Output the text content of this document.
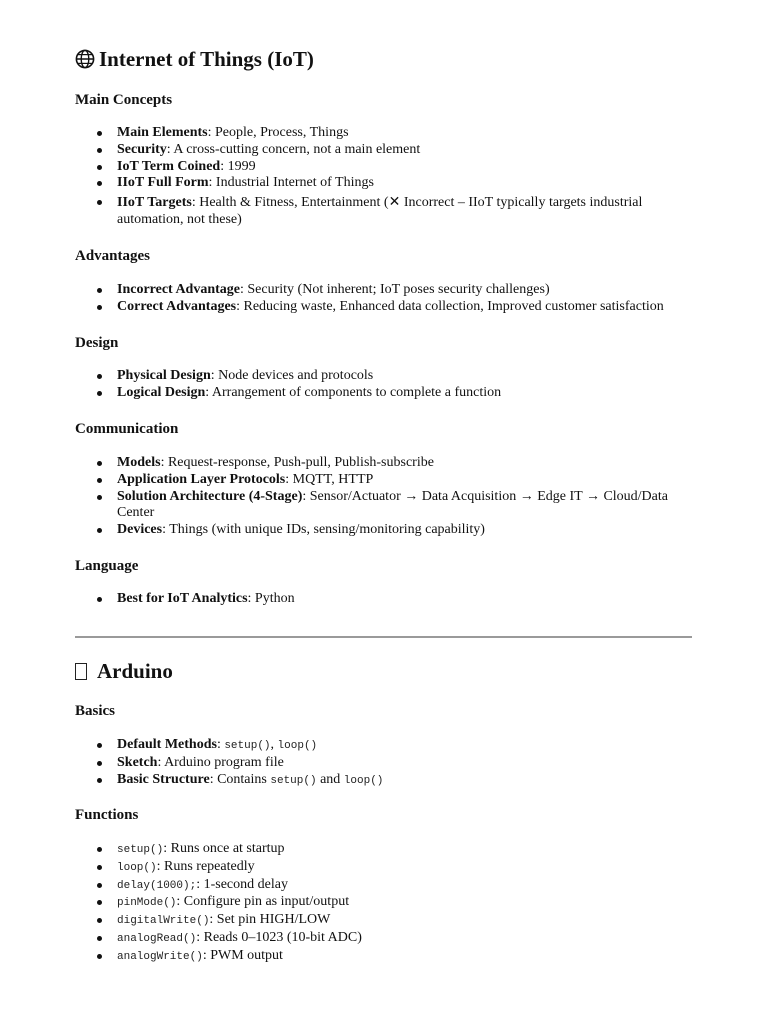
Internet of Things (IoT)
Main Concepts
Main Elements: People, Process, Things
Security: A cross-cutting concern, not a main element
IoT Term Coined: 1999
IIoT Full Form: Industrial Internet of Things
IIoT Targets: Health & Fitness, Entertainment (✕ Incorrect – IIoT typically targets industrial automation, not these)
Advantages
Incorrect Advantage: Security (Not inherent; IoT poses security challenges)
Correct Advantages: Reducing waste, Enhanced data collection, Improved customer satisfaction
Design
Physical Design: Node devices and protocols
Logical Design: Arrangement of components to complete a function
Communication
Models: Request-response, Push-pull, Publish-subscribe
Application Layer Protocols: MQTT, HTTP
Solution Architecture (4-Stage): Sensor/Actuator → Data Acquisition → Edge IT → Cloud/Data Center
Devices: Things (with unique IDs, sensing/monitoring capability)
Language
Best for IoT Analytics: Python
Arduino
Basics
Default Methods: setup(), loop()
Sketch: Arduino program file
Basic Structure: Contains setup() and loop()
Functions
setup(): Runs once at startup
loop(): Runs repeatedly
delay(1000);: 1-second delay
pinMode(): Configure pin as input/output
digitalWrite(): Set pin HIGH/LOW
analogRead(): Reads 0–1023 (10-bit ADC)
analogWrite(): PWM output
